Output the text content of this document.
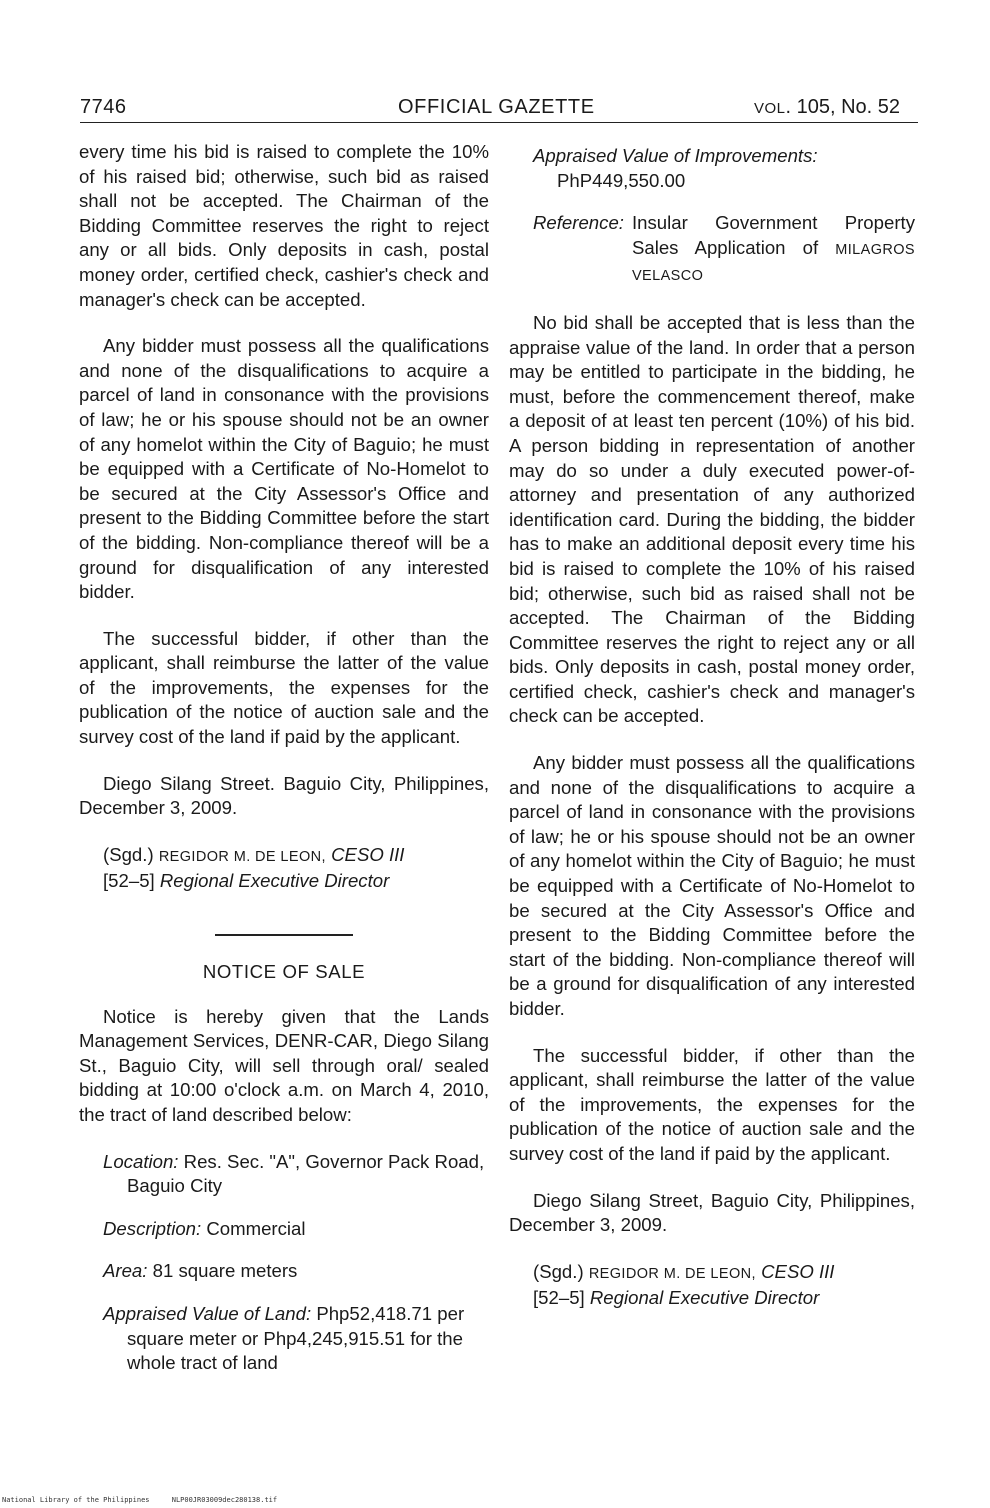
7746	OFFICIAL GAZETTE	VOL. 105, No. 52

every time his bid is raised to complete the 10% of his raised bid; otherwise, such bid as raised shall not be accepted. The Chairman of the Bidding Committee reserves the right to reject any or all bids. Only deposits in cash, postal money order, certified check, cashier's check and manager's check can be accepted.

Any bidder must possess all the qualifications and none of the disqualifications to acquire a parcel of land in consonance with the provisions of law; he or his spouse should not be an owner of any homelot within the City of Baguio; he must be equipped with a Certificate of No-Homelot to be secured at the City Assessor's Office and present to the Bidding Committee before the start of the bidding. Non-compliance thereof will be a ground for disqualification of any interested bidder.

The successful bidder, if other than the applicant, shall reimburse the latter of the value of the improvements, the expenses for the publication of the notice of auction sale and the survey cost of the land if paid by the applicant.

Diego Silang Street. Baguio City, Philippines, December 3, 2009.

(Sgd.) REGIDOR M. DE LEON, CESO III
[52–5] Regional Executive Director
NOTICE OF SALE

Notice is hereby given that the Lands Management Services, DENR-CAR, Diego Silang St., Baguio City, will sell through oral/ sealed bidding at 10:00 o'clock a.m. on March 4, 2010, the tract of land described below:

Location: Res. Sec. "A", Governor Pack Road, Baguio City
Description: Commercial
Area: 81 square meters
Appraised Value of Land: Php52,418.71 per square meter or Php4,245,915.51 for the whole tract of land
Appraised Value of Improvements:
PhP449,550.00
Reference: Insular Government Property Sales Application of MILAGROS VELASCO

No bid shall be accepted that is less than the appraise value of the land. In order that a person may be entitled to participate in the bidding, he must, before the commencement thereof, make a deposit of at least ten percent (10%) of his bid. A person bidding in representation of another may do so under a duly executed power-of-attorney and presentation of any authorized identification card. During the bidding, the bidder has to make an additional deposit every time his bid is raised to complete the 10% of his raised bid; otherwise, such bid as raised shall not be accepted. The Chairman of the Bidding Committee reserves the right to reject any or all bids. Only deposits in cash, postal money order, certified check, cashier's check and manager's check can be accepted.

Any bidder must possess all the qualifications and none of the disqualifications to acquire a parcel of land in consonance with the provisions of law; he or his spouse should not be an owner of any homelot within the City of Baguio; he must be equipped with a Certificate of No-Homelot to be secured at the City Assessor's Office and present to the Bidding Committee before the start of the bidding. Non-compliance thereof will be a ground for disqualification of any interested bidder.

The successful bidder, if other than the applicant, shall reimburse the latter of the value of the improvements, the expenses for the publication of the notice of auction sale and the survey cost of the land if paid by the applicant.

Diego Silang Street, Baguio City, Philippines, December 3, 2009.

(Sgd.) REGIDOR M. DE LEON, CESO III
[52–5] Regional Executive Director
National Library of the Philippines	NLP00JR03009dec280138.tif
